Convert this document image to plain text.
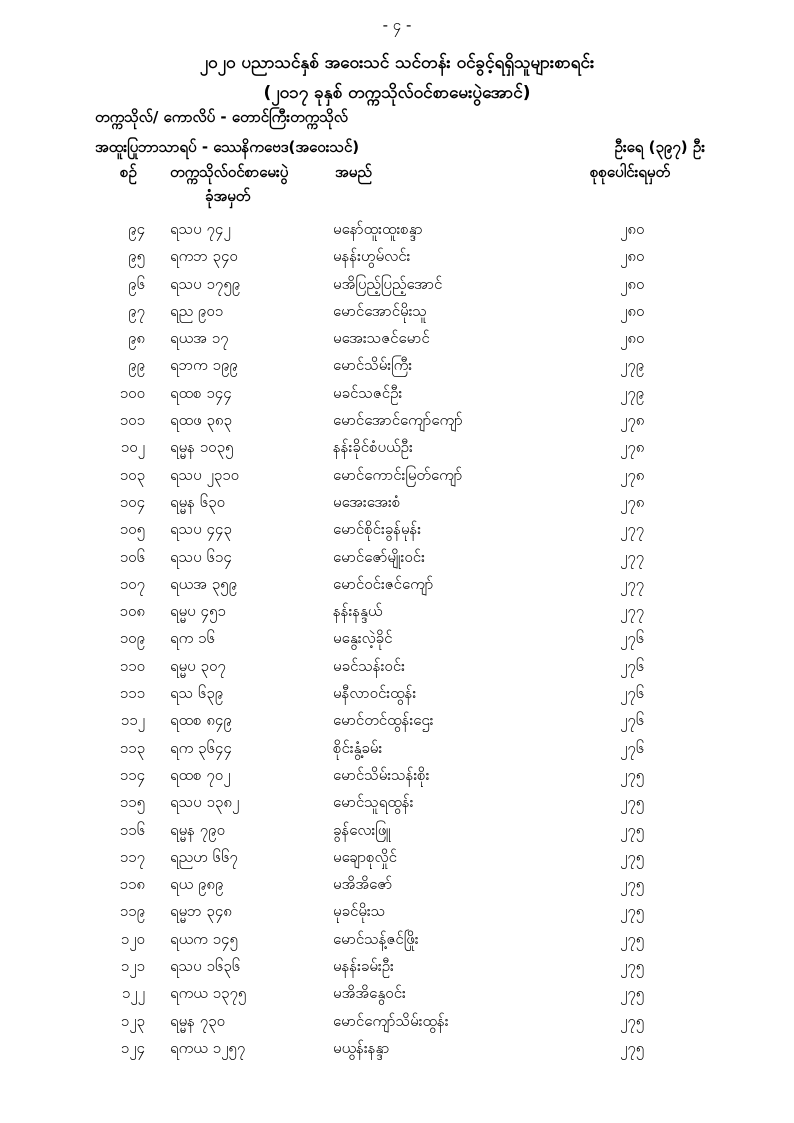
- ၄ -
၂၀၂၀ ပညာသင်နှစ် အဝေးသင် သင်တန်း ဝင်ခွင့်ရရှိသူများစာရင်း
(၂၀၁၇ ခုနှစ် တက္ကသိုလ်ဝင်စာမေးပွဲအောင်)
တက္ကသိုလ်/ ကောလိပ် - ‌တောင်ကြီးတက္ကသိုလ်
အထူးပြုဘာသာရပ် - ဿေနိကဗေဒ(အဝေးသင်)	ဦးရေ (၃၉၇) ဦး
စဉ် တက္ကသိုလ်ဝင်စာမေးပွဲ
ခုံအမှတ်
အမည်	စုစုပေါင်းရမှတ်
၉၄ ရသပ ၇၄၂	မနော်ထူးထူးစန္ဒာ	၂၈၀
၉၅ ရကဘ ၃၄၀	မနန်းဟွမ်လင်း	၂၈၀
၉၆ ရသပ ၁၇၅၉	မအိပြည့်ပြည့်အောင်	၂၈၀
၉၇ ရည ၉၀၁	မောင်အောင်မိုးသူ	၂၈၀
၉၈ ရယအ ၁၇	မအေးသဇင်မောင်	၂၈၀
၉၉ ရဘက ၁၉၉	မောင်သိမ်းကြီး	၂၇၉
၁၀၀ ရထစ ၁၄၄	မခင်သဇင်ဦး	၂၇၉
၁၀၁ ရထဖ ၃၈၃	မောင်အောင်ကျော်ကျော်	၂၇၈
၁၀၂ ရမ္မန ၁၀၃၅	နန်းခိုင်စံပယ်ဦး	၂၇၈
၁၀၃ ရသပ ၂၃၁၀	မောင်ကောင်းမြတ်ကျော်	၂၇၈
၁၀၄ ရမ္မန ၆၃၀	မအေးအေးစံ	၂၇၈
၁၀၅ ရသပ ၄၄၃	မောင်စိုင်းခွန်မုန်း	၂၇၇
၁၀၆ ရသပ ၆၁၄	မောင်ဇော်မျိုးဝင်း	၂၇၇
၁၀၇ ရယအ ၃၅၉	မောင်ဝင်းဇင်ကျော်	၂၇၇
၁၀၈ ရမ္မပ ၄၅၁	နန်းနန္ဒယ်	၂၇၇
၁၀၉ ရက ၁၆	မနွေးလဲ့ခိုင်	၂၇၆
၁၁၀ ရမ္မပ ၃၀၇	မခင်သန်းဝင်း	၂၇၆
၁၁၁ ရသ ၆၃၉	မနီလာဝင်းထွန်း	၂၇၆
၁၁၂ ရထစ ၈၄၉	မောင်တင်ထွန်းဌေး	၂၇၆
၁၁၃ ရက ၃၆၄၄	စိုင်းနွံ့ခမ်း	၂၇၆
၁၁၄ ရထစ ၇၀၂	မောင်သိမ်းသန်းစိုး	၂၇၅
၁၁၅ ရသပ ၁၃၈၂	မောင်သူရထွန်း	၂၇၅
၁၁၆ ရမ္မန ၇၉၀	ခွန်လေးဖြူ	၂၇၅
၁၁၇ ရညဟ ၆၆၇	မချောစုလှိုင်	၂၇၅
၁၁၈ ရယ ၉၈၉	မအိအိဇော်	၂၇၅
၁၁၉ ရမ္မဘ ၃၄၈	မုခင်မိုးသ	၂၇၅
၁၂၀ ရယက ၁၄၅	မောင်သန့်ဇင်ဖြိုး	၂၇၅
၁၂၁ ရသပ ၁၆၃၆	မနန်းခမ်းဦး	၂၇၅
၁၂၂ ရကယ ၁၃၇၅	မအိအိနွေဝင်း	၂၇၅
၁၂၃ ရမ္မန ၇၃၀	မောင်ကျော်သိမ်းထွန်း	၂၇၅
၁၂၄ ရကယ ၁၂၅၇	မယွန်းနန္ဒာ	၂၇၅
